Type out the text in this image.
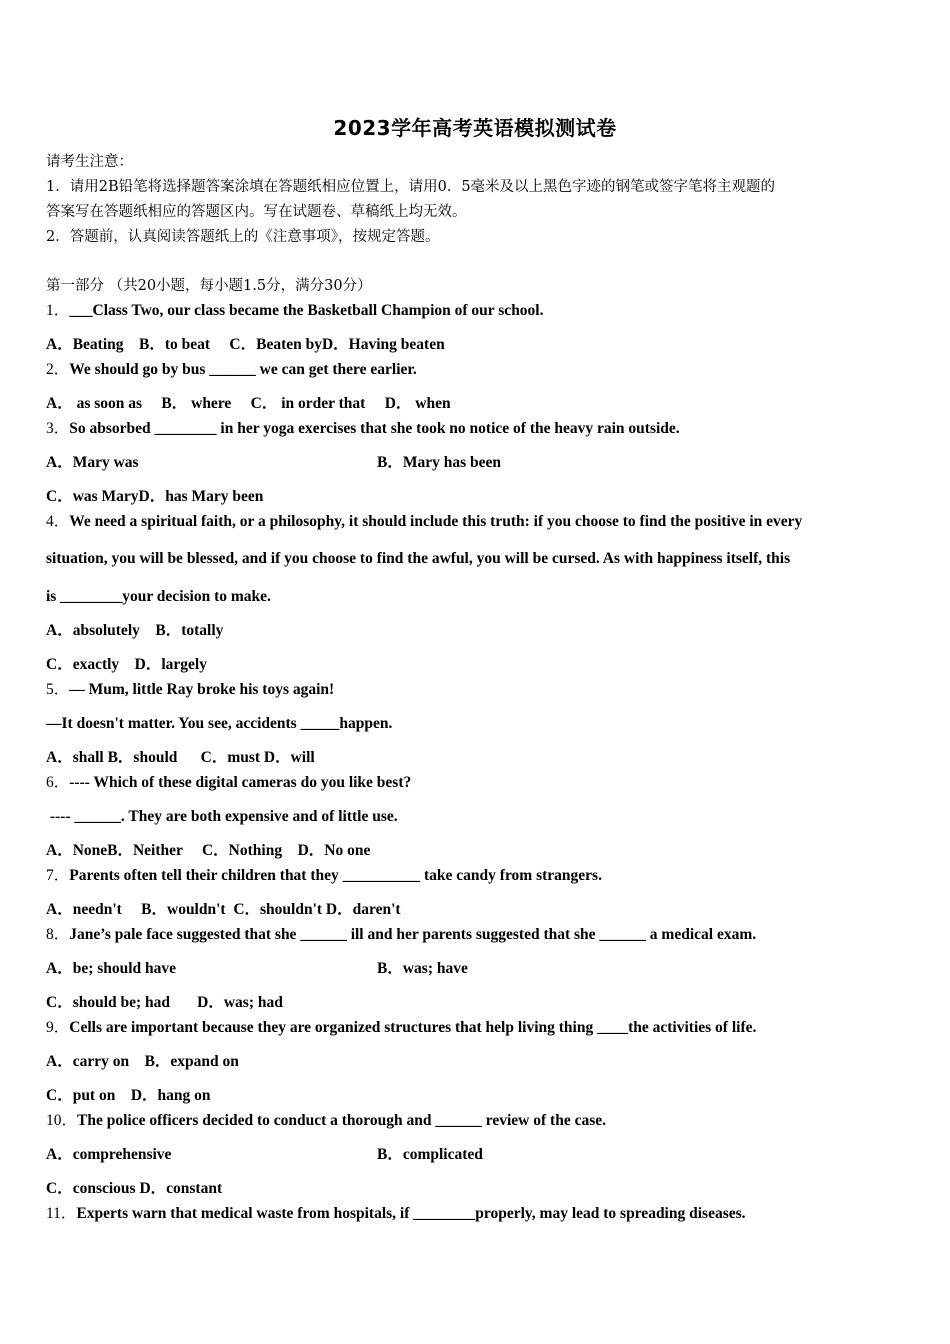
2023学年高考英语模拟测试卷
请考生注意：
1．请用2B铅笔将选择题答案涂填在答题纸相应位置上，请用0．5毫米及以上黑色字迹的钢笔或签字笔将主观题的
答案写在答题纸相应的答题区内。写在试题卷、草稿纸上均无效。
2．答题前，认真阅读答题纸上的《注意事项》，按规定答题。
第一部分 （共20小题，每小题1.5分，满分30分）
1．___Class Two, our class became the Basketball Champion of our school.
A．Beating    B．to beat     C．Beaten byD．Having beaten
2．We should go by bus ______ we can get there earlier.
A． as soon as     B． where     C． in order that     D． when
3．So absorbed ________ in her yoga exercises that she took no notice of the heavy rain outside.
A．Mary was	B．Mary has been
C．was MaryD．has Mary been
4．We need a spiritual faith, or a philosophy, it should include this truth: if you choose to find the positive in every
situation, you will be blessed, and if you choose to find the awful, you will be cursed. As with happiness itself, this
is ________your decision to make.
A．absolutely    B．totally
C．exactly    D．largely
5．— Mum, little Ray broke his toys again!
—It doesn't matter. You see, accidents _____happen.
A．shall B．should      C．must D．will
6．---- Which of these digital cameras do you like best?
---- ______. They are both expensive and of little use.
A．NoneB．Neither     C．Nothing    D．No one
7．Parents often tell their children that they __________ take candy from strangers.
A．needn't     B．wouldn't  C．shouldn't D．daren't
8．Jane’s pale face suggested that she ______ ill and her parents suggested that she ______ a medical exam.
A．be; should have	B．was; have
C．should be; had       D．was; had
9．Cells are important because they are organized structures that help living thing ____the activities of life.
A．carry on    B．expand on
C．put on    D．hang on
10．The police officers decided to conduct a thorough and ______ review of the case.
A．comprehensive	B．complicated
C．conscious D．constant
11．Experts warn that medical waste from hospitals, if ________properly, may lead to spreading diseases.
